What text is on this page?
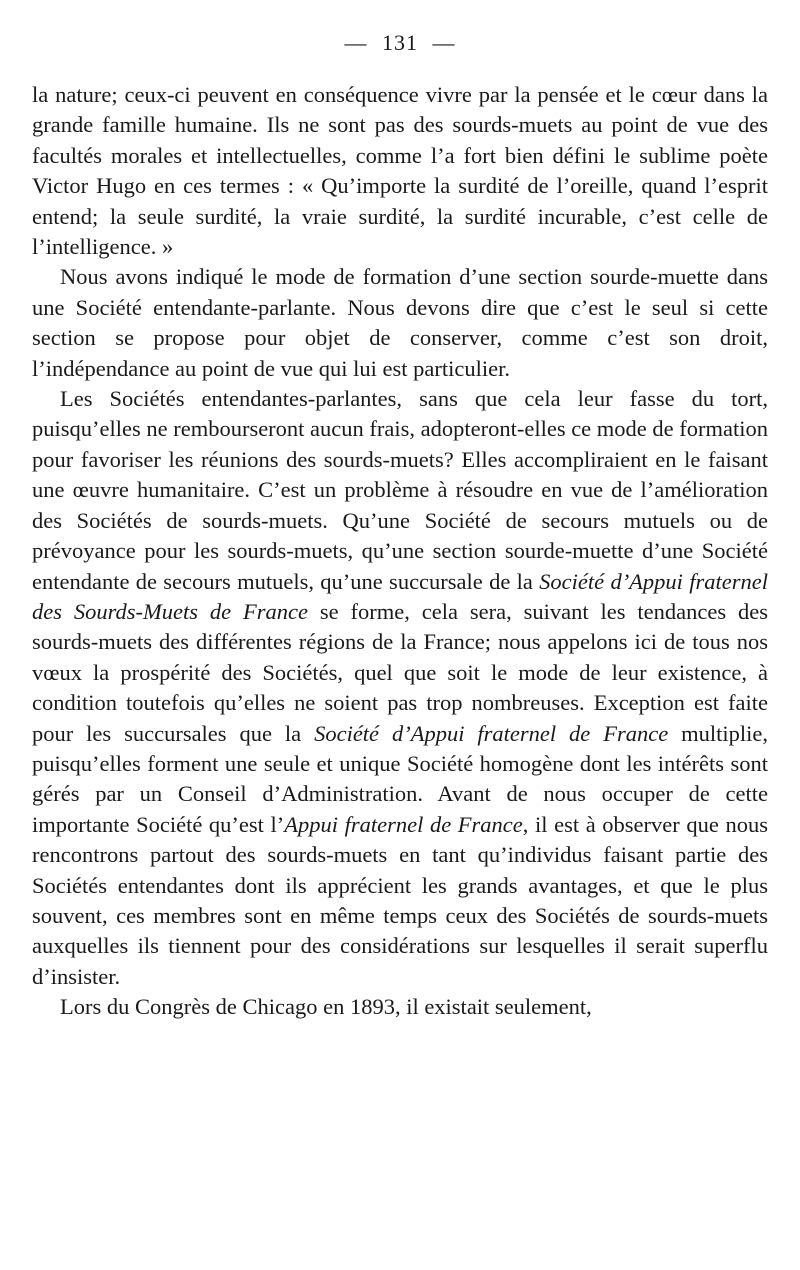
— 131 —

la nature; ceux-ci peuvent en conséquence vivre par la pensée et le cœur dans la grande famille humaine. Ils ne sont pas des sourds-muets au point de vue des facultés morales et intellectuelles, comme l’a fort bien défini le sublime poète Victor Hugo en ces termes : « Qu’importe la surdité de l’oreille, quand l’esprit entend; la seule surdité, la vraie surdité, la surdité incurable, c’est celle de l’intelligence. »

Nous avons indiqué le mode de formation d’une section sourde-muette dans une Société entendante-parlante. Nous devons dire que c’est le seul si cette section se propose pour objet de conserver, comme c’est son droit, l’indépendance au point de vue qui lui est particulier.

Les Sociétés entendantes-parlantes, sans que cela leur fasse du tort, puisqu’elles ne rembourseront aucun frais, adopteront-elles ce mode de formation pour favoriser les réunions des sourds-muets? Elles accompliraient en le faisant une œuvre humanitaire. C’est un problème à résoudre en vue de l’amélioration des Sociétés de sourds-muets. Qu’une Société de secours mutuels ou de prévoyance pour les sourds-muets, qu’une section sourde-muette d’une Société entendante de secours mutuels, qu’une succursale de la Société d’Appui fraternel des Sourds-Muets de France se forme, cela sera, suivant les tendances des sourds-muets des différentes régions de la France; nous appelons ici de tous nos vœux la prospérité des Sociétés, quel que soit le mode de leur existence, à condition toutefois qu’elles ne soient pas trop nombreuses. Exception est faite pour les succursales que la Société d’Appui fraternel de France multiplie, puisqu’elles forment une seule et unique Société homogène dont les intérêts sont gérés par un Conseil d’Administration. Avant de nous occuper de cette importante Société qu’est l’Appui fraternel de France, il est à observer que nous rencontrons partout des sourds-muets en tant qu’individus faisant partie des Sociétés entendantes dont ils apprécient les grands avantages, et que le plus souvent, ces membres sont en même temps ceux des Sociétés de sourds-muets auxquelles ils tiennent pour des considérations sur lesquelles il serait superflu d’insister.

Lors du Congrès de Chicago en 1893, il existait seulement,
